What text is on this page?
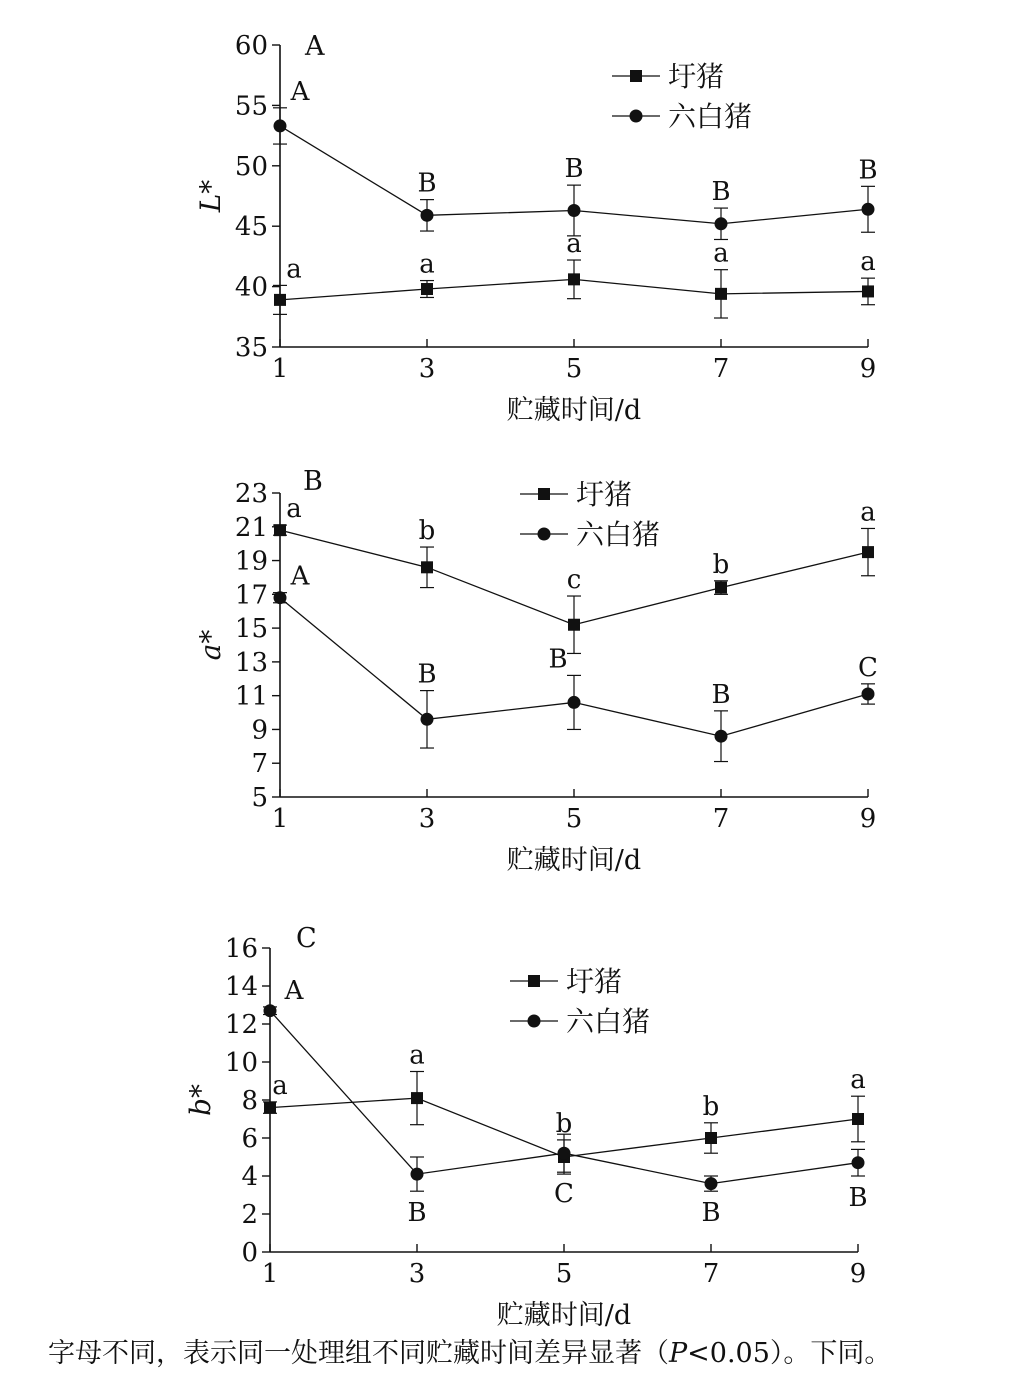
35
40
45
50
55
60
1	3	5	7	9
贮藏时间/d
L*
A
a	a
a	a	a
A
B	B
B
B
圩猪
六白猪
5
7
9
11
13
15
17
19
21
23
1	3	5	7	9
贮藏时间/d
a*
B
a
b
c
b
a
A
B
B
B
C
圩猪
六白猪
0
2
4
6
8
10
12
14
16
1	3	5	7	9
贮藏时间/d
b*
C
a
a
b
b
a
A
B
C
B
B
圩猪
六白猪
字母不同，表示同一处理组不同贮藏时间差异显著（P<0.05）。下同。
